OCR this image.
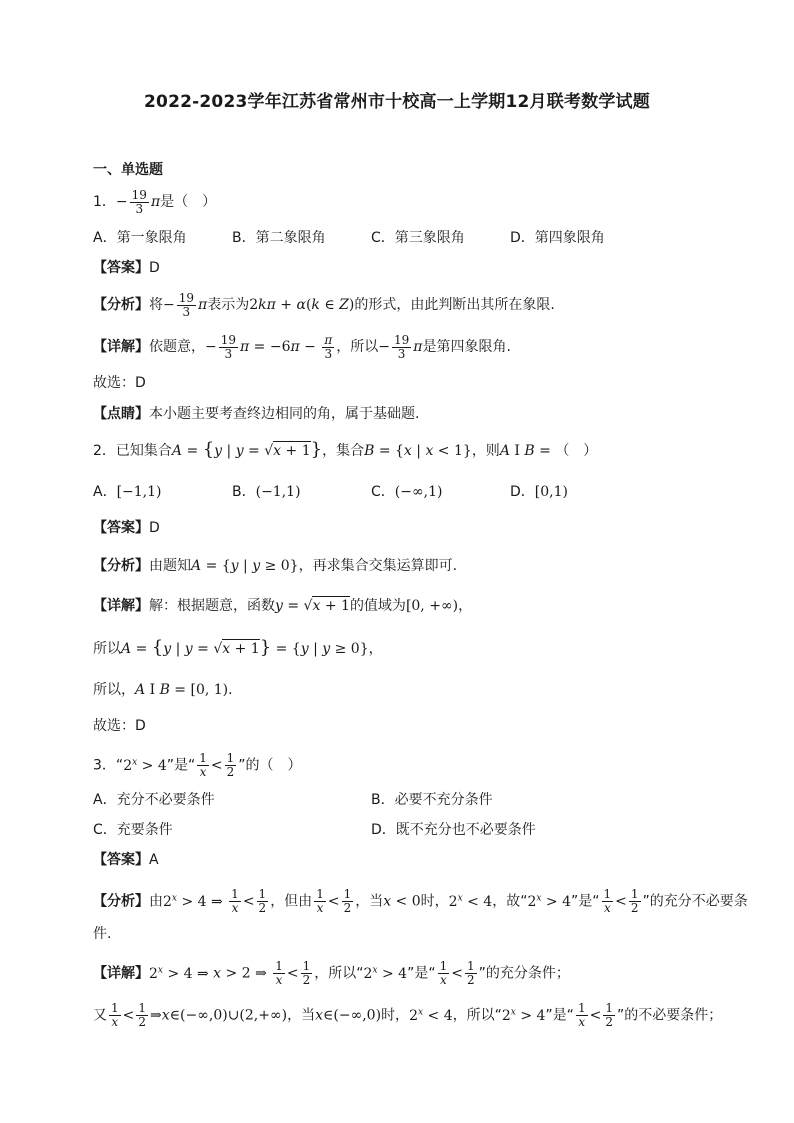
2022-2023学年江苏省常州市十校高一上学期12月联考数学试题
一、单选题
1．− $\frac{19}{3}$ π是（　）
A．第一象限角	B．第二象限角	C．第三象限角	D．第四象限角
【答案】D
【分析】将− $\frac{19}{3}$ π表示为2kπ + α(k ∈ Z)的形式，由此判断出其所在象限.
【详解】依题意，− $\frac{19}{3}$ $\pi = -6\pi - \frac{\pi}{3}$ ，所以− $\frac{19}{3}$ π是第四象限角.
故选：D
【点睛】本小题主要考查终边相同的角，属于基础题.
2．已知集合A = {y | y = √x + 1}，集合B = {x | x < 1}，则A I B = （　）
A．[−1,1)	B．(−1,1)	C．(−∞,1)	D．[0,1)
【答案】D
【分析】由题知A = {y | y ≥ 0}，再求集合交集运算即可.
【详解】解：根据题意，函数y = √x + 1的值域为[0, +∞)，
所以A = {y | y = √x + 1} = {y | y ≥ 0}，
所以，A I B = [0, 1).
故选：D
3．“$2^x > 4$”是“ $\frac{1}{x} < \frac{1}{2}$ ”的（　）
A．充分不必要条件	B．必要不充分条件
C．充要条件	D．既不充分也不必要条件
【答案】A
【分析】由$2^x > 4$ ⇒ $\frac{1}{x} < \frac{1}{2}$ ，但由 $\frac{1}{x} < \frac{1}{2}$ ，当x < 0时，$2^x < 4$，故“$2^x > 4$”是“ $\frac{1}{x} < \frac{1}{2}$ ”的充分不必要条
件.
【详解】$2^x > 4$ ⇒ x > 2 ⇒ $\frac{1}{x} < \frac{1}{2}$ ，所以“$2^x > 4$”是“ $\frac{1}{x} < \frac{1}{2}$ ”的充分条件；
又 $\frac{1}{x} < \frac{1}{2}$ ⇒x∈(−∞,0)∪(2,+∞)，当x∈(−∞,0)时，$2^x < 4$，所以“$2^x > 4$”是“ $\frac{1}{x} < \frac{1}{2}$ ”的不必要条件；
